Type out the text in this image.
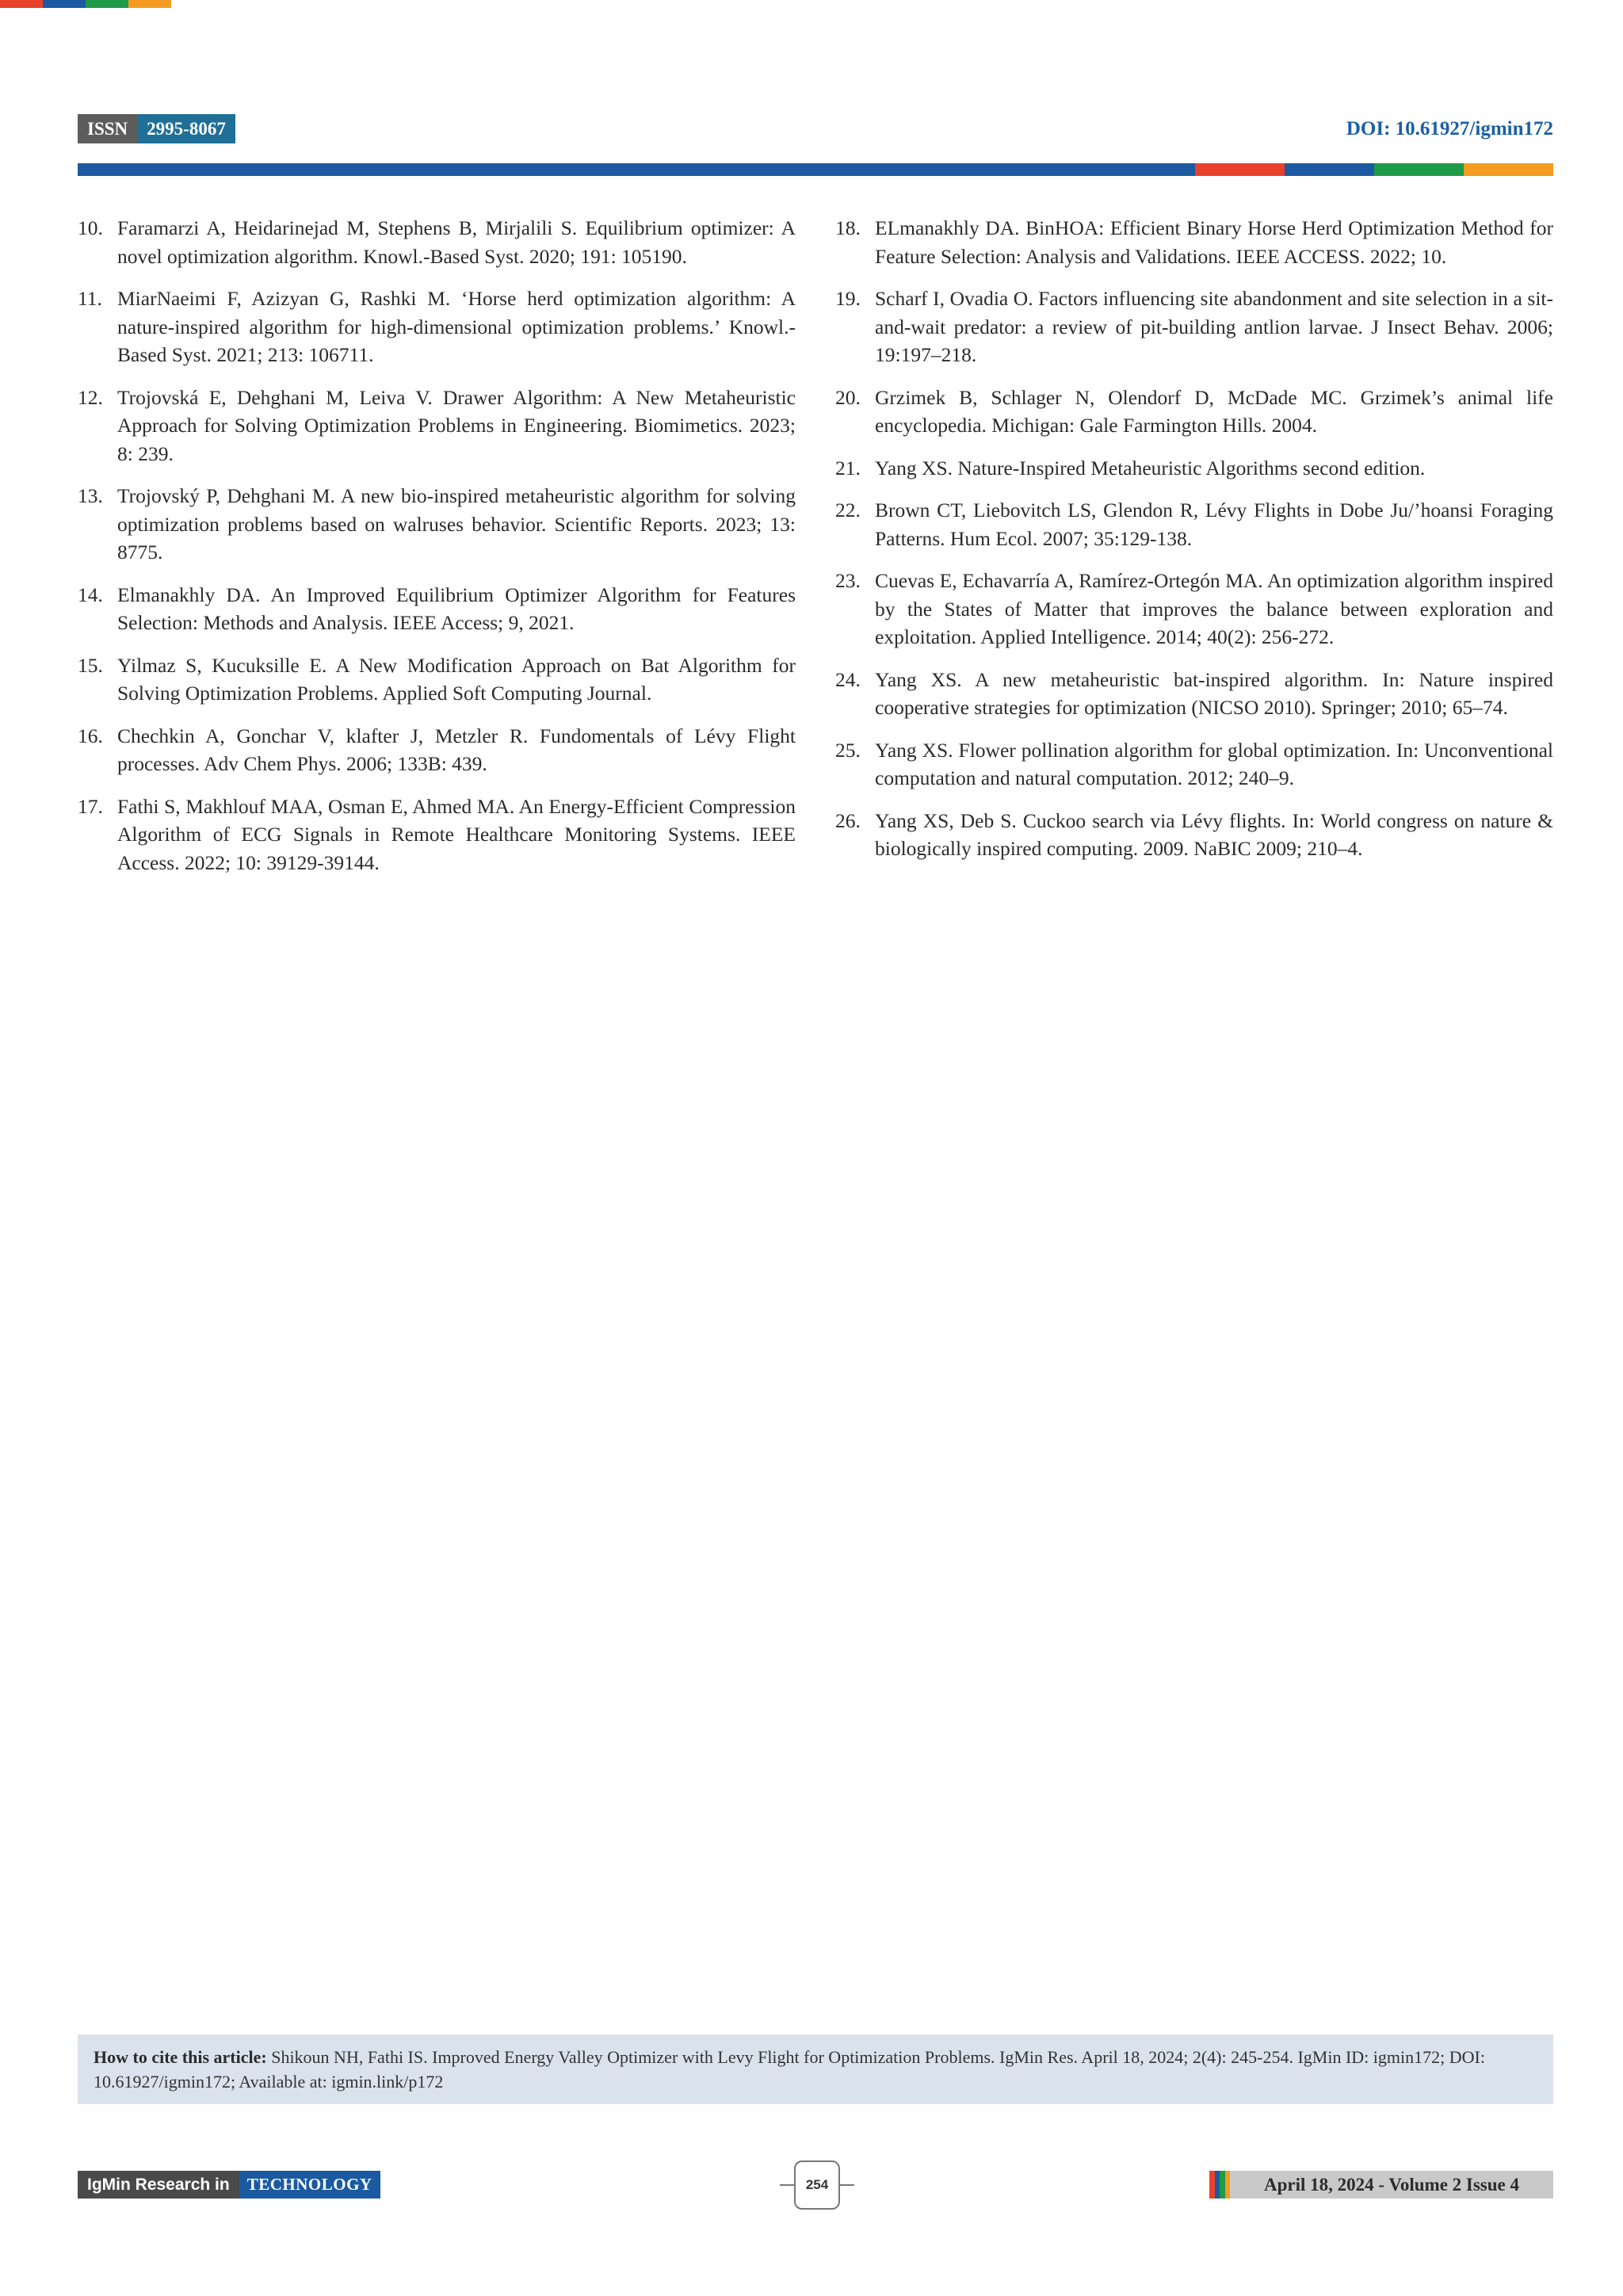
ISSN	2995-8067	DOI: 10.61927/igmin172
10. Faramarzi A, Heidarinejad M, Stephens B, Mirjalili S. Equilibrium optimizer: A novel optimization algorithm. Knowl.-Based Syst. 2020; 191: 105190.
11. MiarNaeimi F, Azizyan G, Rashki M. ‘Horse herd optimization algorithm: A nature-inspired algorithm for high-dimensional optimization problems.’ Knowl.-Based Syst. 2021; 213: 106711.
12. Trojovská E, Dehghani M, Leiva V. Drawer Algorithm: A New Metaheuristic Approach for Solving Optimization Problems in Engineering. Biomimetics. 2023; 8: 239.
13. Trojovský P, Dehghani M. A new bio-inspired metaheuristic algorithm for solving optimization problems based on walruses behavior. Scientific Reports. 2023; 13: 8775.
14. Elmanakhly DA. An Improved Equilibrium Optimizer Algorithm for Features Selection: Methods and Analysis. IEEE Access; 9, 2021.
15. Yilmaz S, Kucuksille E. A New Modification Approach on Bat Algorithm for Solving Optimization Problems. Applied Soft Computing Journal.
16. Chechkin A, Gonchar V, klafter J, Metzler R. Fundomentals of Lévy Flight processes. Adv Chem Phys. 2006; 133B: 439.
17. Fathi S, Makhlouf MAA, Osman E, Ahmed MA. An Energy-Efficient Compression Algorithm of ECG Signals in Remote Healthcare Monitoring Systems. IEEE Access. 2022; 10: 39129-39144.
18. ELmanakhly DA. BinHOA: Efficient Binary Horse Herd Optimization Method for Feature Selection: Analysis and Validations. IEEE ACCESS. 2022; 10.
19. Scharf I, Ovadia O. Factors influencing site abandonment and site selection in a sit-and-wait predator: a review of pit-building antlion larvae. J Insect Behav. 2006; 19:197–218.
20. Grzimek B, Schlager N, Olendorf D, McDade MC. Grzimek’s animal life encyclopedia. Michigan: Gale Farmington Hills. 2004.
21. Yang XS. Nature-Inspired Metaheuristic Algorithms second edition.
22. Brown CT, Liebovitch LS, Glendon R, Lévy Flights in Dobe Ju/’hoansi Foraging Patterns. Hum Ecol. 2007; 35:129-138.
23. Cuevas E, Echavarría A, Ramírez-Ortegón MA. An optimization algorithm inspired by the States of Matter that improves the balance between exploration and exploitation. Applied Intelligence. 2014; 40(2): 256-272.
24. Yang XS. A new metaheuristic bat-inspired algorithm. In: Nature inspired cooperative strategies for optimization (NICSO 2010). Springer; 2010; 65–74.
25. Yang XS. Flower pollination algorithm for global optimization. In: Unconventional computation and natural computation. 2012; 240–9.
26. Yang XS, Deb S. Cuckoo search via Lévy flights. In: World congress on nature & biologically inspired computing. 2009. NaBIC 2009; 210–4.
How to cite this article: Shikoun NH, Fathi IS. Improved Energy Valley Optimizer with Levy Flight for Optimization Problems. IgMin Res. April 18, 2024; 2(4): 245-254. IgMin ID: igmin172; DOI: 10.61927/igmin172; Available at: igmin.link/p172
IgMin Research in	TECHNOLOGY	254	April 18, 2024 - Volume 2 Issue 4
